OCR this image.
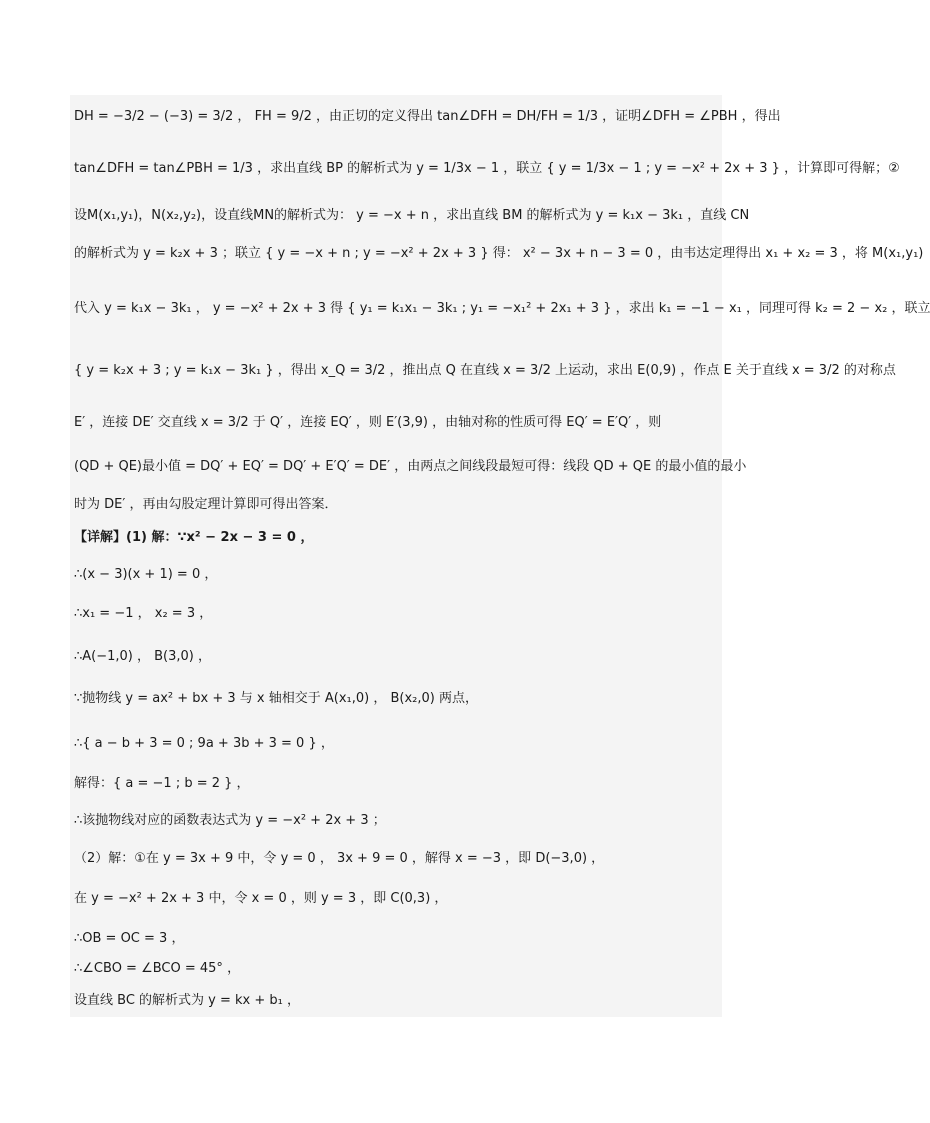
DH = −3/2 − (−3) = 3/2 ， FH = 9/2 ，由正切的定义得出 tan∠DFH = DH/FH = 1/3 ，证明∠DFH = ∠PBH ，得出
tan∠DFH = tan∠PBH = 1/3 ，求出直线 BP 的解析式为 y = 1/3x − 1 ，联立 { y = 1/3x − 1 ; y = −x² + 2x + 3 } ，计算即可得解；②
设M(x₁,y₁)，N(x₂,y₂)，设直线MN的解析式为： y = −x + n ，求出直线 BM 的解析式为 y = k₁x − 3k₁ ，直线 CN
的解析式为 y = k₂x + 3 ；联立 { y = −x + n ; y = −x² + 2x + 3 } 得： x² − 3x + n − 3 = 0 ，由韦达定理得出 x₁ + x₂ = 3 ，将 M(x₁,y₁)
代入 y = k₁x − 3k₁ ， y = −x² + 2x + 3 得 { y₁ = k₁x₁ − 3k₁ ; y₁ = −x₁² + 2x₁ + 3 } ，求出 k₁ = −1 − x₁ ，同理可得 k₂ = 2 − x₂ ，联立
{ y = k₂x + 3 ; y = k₁x − 3k₁ } ，得出 x_Q = 3/2 ，推出点 Q 在直线 x = 3/2 上运动，求出 E(0,9) ，作点 E 关于直线 x = 3/2 的对称点
E′ ，连接 DE′ 交直线 x = 3/2 于 Q′ ，连接 EQ′ ，则 E′(3,9) ，由轴对称的性质可得 EQ′ = E′Q′ ，则
(QD + QE)最小值 = DQ′ + EQ′ = DQ′ + E′Q′ = DE′ ，由两点之间线段最短可得：线段 QD + QE 的最小值的最小
时为 DE′ ，再由勾股定理计算即可得出答案．
【详解】(1) 解：∵x² − 2x − 3 = 0 ，
∴(x − 3)(x + 1) = 0 ，
∴x₁ = −1 ， x₂ = 3 ，
∴A(−1,0) ， B(3,0) ，
∵抛物线 y = ax² + bx + 3 与 x 轴相交于 A(x₁,0) ， B(x₂,0) 两点，
∴{ a − b + 3 = 0 ; 9a + 3b + 3 = 0 } ，
解得：{ a = −1 ; b = 2 } ，
∴该抛物线对应的函数表达式为 y = −x² + 2x + 3 ；
（2）解：①在 y = 3x + 9 中，令 y = 0 ， 3x + 9 = 0 ，解得 x = −3 ，即 D(−3,0) ，
在 y = −x² + 2x + 3 中，令 x = 0 ，则 y = 3 ，即 C(0,3) ，
∴OB = OC = 3 ，
∴∠CBO = ∠BCO = 45° ，
设直线 BC 的解析式为 y = kx + b₁ ，
